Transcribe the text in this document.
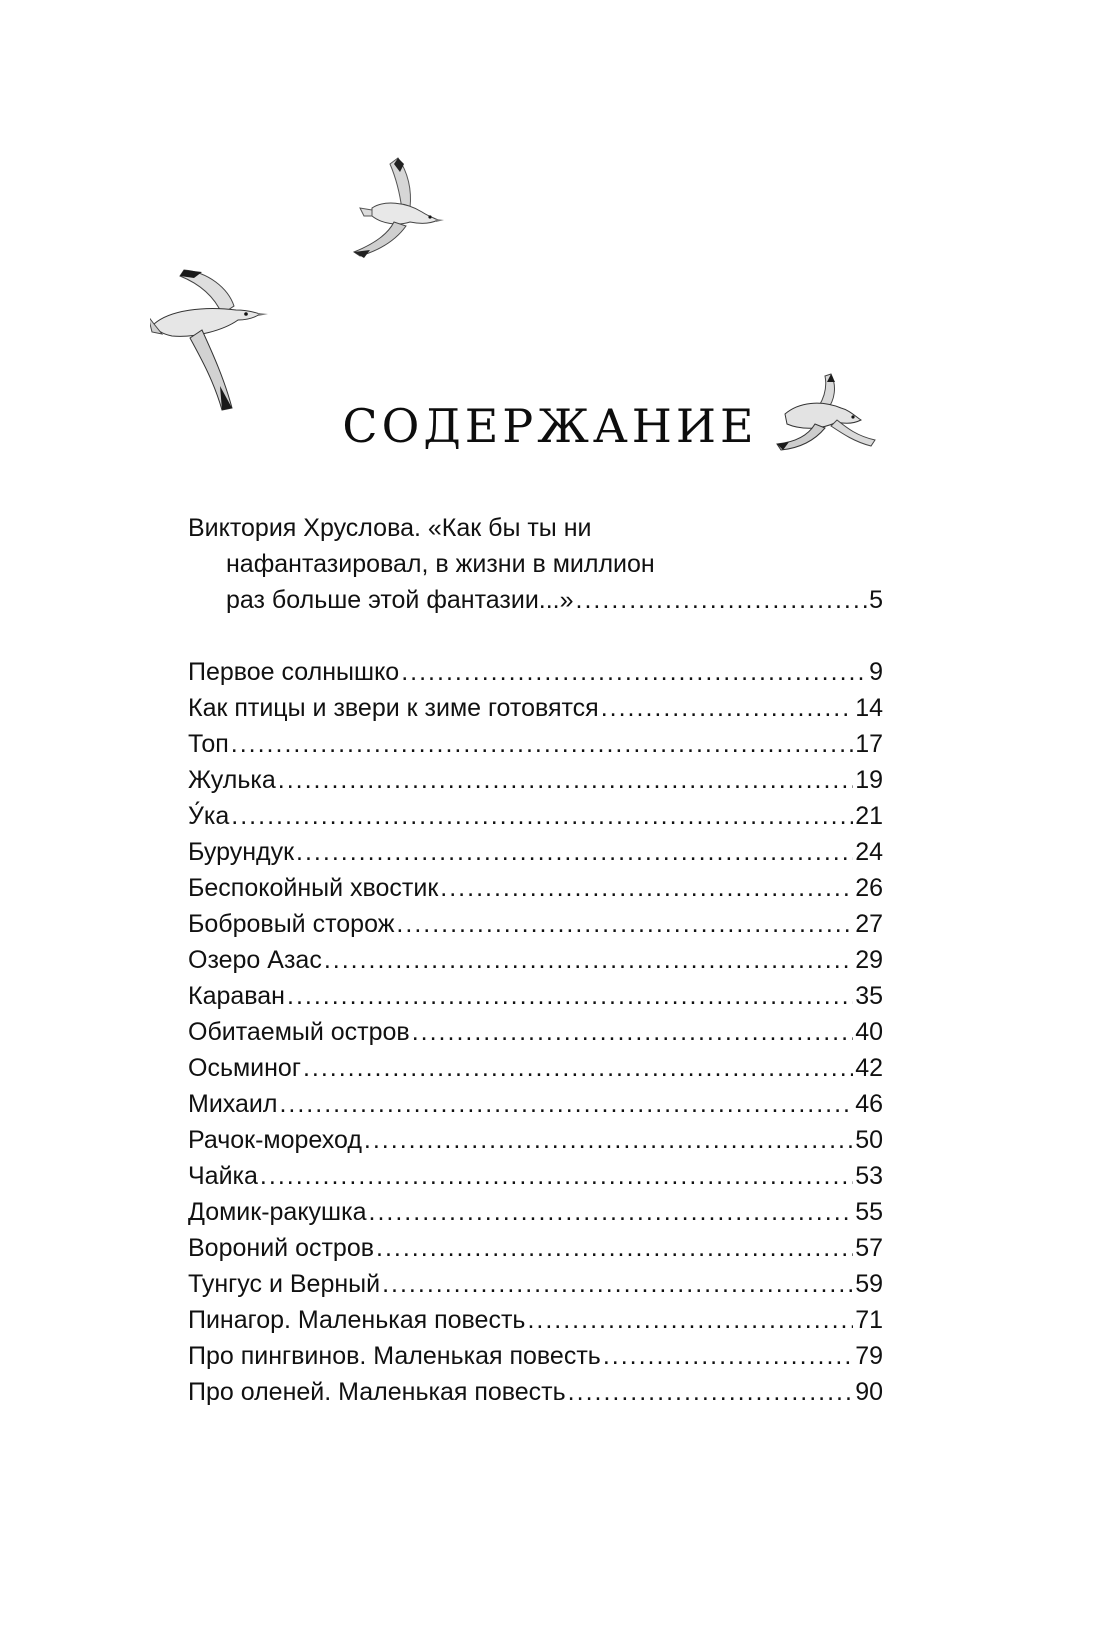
СОДЕРЖАНИЕ
Виктория Хруслова. «Как бы ты ни
нафантазировал, в жизни в миллион
раз больше этой фантазии...» .....	5
Первое солнышко .....	9
Как птицы и звери к зиме готовятся .....	14
Топ .....	17
Жулька .....	19
У́ка .....	21
Бурундук .....	24
Беспокойный хвостик .....	26
Бобровый сторож .....	27
Озеро Азас .....	29
Караван .....	35
Обитаемый остров .....	40
Осьминог .....	42
Михаил .....	46
Рачок-мореход .....	50
Чайка .....	53
Домик-ракушка .....	55
Вороний остров .....	57
Тунгус и Верный .....	59
Пинагор. Маленькая повесть .....	71
Про пингвинов. Маленькая повесть .....	79
Про оленей. Маленькая повесть .....	90
